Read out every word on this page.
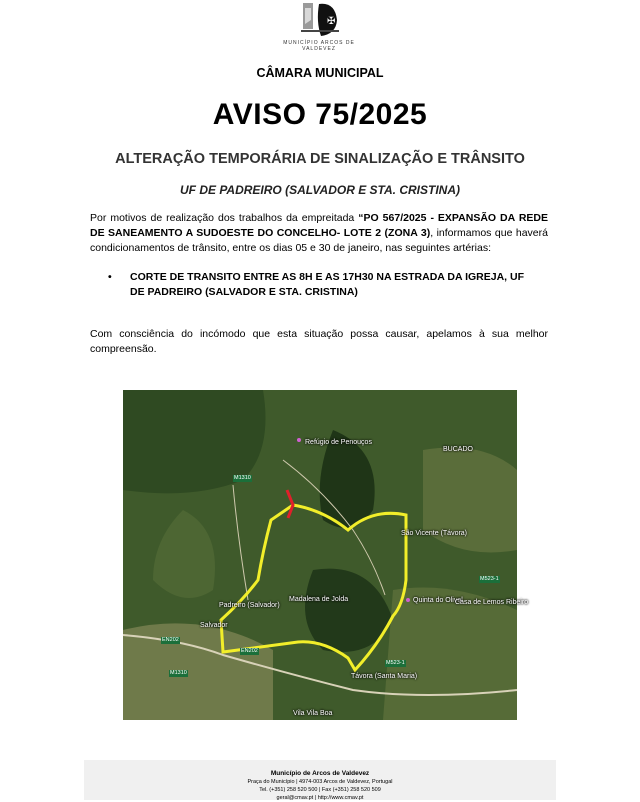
✠
MUNICÍPIO ARCOS DE VALDEVEZ
CÂMARA MUNICIPAL
AVISO 75/2025
ALTERAÇÃO TEMPORÁRIA DE SINALIZAÇÃO E TRÂNSITO
UF DE PADREIRO (SALVADOR E STA. CRISTINA)
Por motivos de realização dos trabalhos da empreitada “PO 567/2025 - EXPANSÃO DA REDE DE SANEAMENTO A SUDOESTE DO CONCELHO- LOTE 2 (ZONA 3), informamos que haverá condicionamentos de trânsito, entre os dias 05 e 30 de janeiro, nas seguintes artérias:
• CORTE DE TRANSITO ENTRE AS 8H E AS 17H30 NA ESTRADA DA IGREJA, UF DE PADREIRO (SALVADOR E STA. CRISTINA)
Com consciência do incómodo que esta situação possa causar, apelamos à sua melhor compreensão.
Refúgio de Penouços
BUCADO
São Vicente (Távora)
Padreiro (Salvador)
Salvador
Madalena de Jolda	Quinta do Olival
Casa de Lemos Ribeiro
Távora (Santa Maria)
Vila Vila Boa
M1310
M1310
EN202
EN202
M523-1
M523-1
Município de Arcos de Valdevez
Praça do Município | 4974-003 Arcos de Valdevez, Portugal
Tel. (+351) 258 520 500 | Fax (+351) 258 520 509
geral@cmav.pt | http://www.cmav.pt
